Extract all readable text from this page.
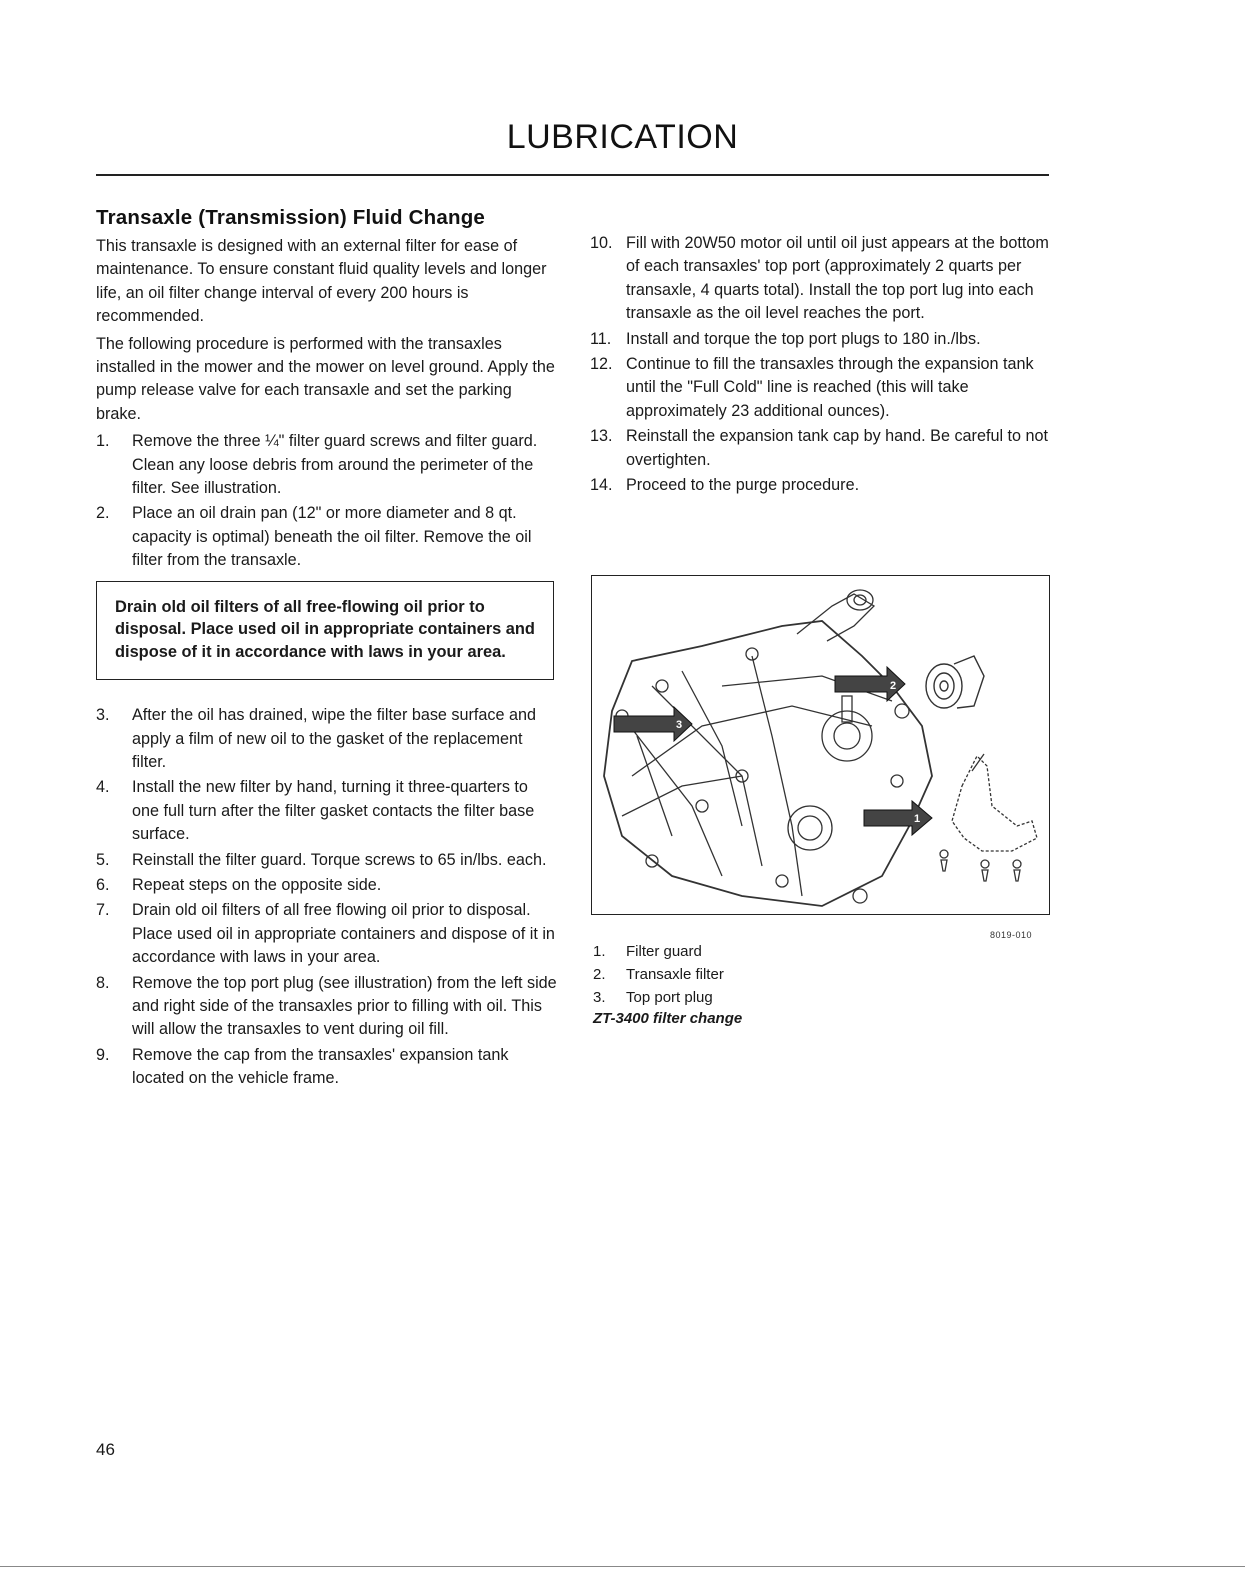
LUBRICATION
Transaxle (Transmission) Fluid Change

This transaxle is designed with an external filter for ease of maintenance. To ensure constant fluid quality levels and longer life, an oil filter change interval of every 200 hours is recommended.

The following procedure is performed with the transaxles installed in the mower and the mower on level ground. Apply the pump release valve for each transaxle and set the parking brake.

1.	Remove the three ¼" filter guard screws and filter guard. Clean any loose debris from around the perimeter of the filter. See illustration.
2.	Place an oil drain pan (12" or more diameter and 8 qt. capacity is optimal) beneath the oil filter. Remove the oil filter from the transaxle.
Drain old oil filters of all free-flowing oil prior to disposal. Place used oil in appropriate containers and dispose of it in accordance with laws in your area.
3.	After the oil has drained, wipe the filter base surface and apply a film of new oil to the gasket of the replacement filter.
4.	Install the new filter by hand, turning it three-quarters to one full turn after the filter gasket contacts the filter base surface.
5.	Reinstall the filter guard. Torque screws to 65 in/lbs. each.
6.	Repeat steps on the opposite side.
7.	Drain old oil filters of all free flowing oil prior to disposal. Place used oil in appropriate containers and dispose of it in accordance with laws in your area.
8.	Remove the top port plug (see illustration) from the left side and right side of the transaxles prior to filling with oil. This will allow the transaxles to vent during oil fill.
9.	Remove the cap from the transaxles' expansion tank located on the vehicle frame.
10. Fill with 20W50 motor oil until oil just appears at the bottom of each transaxles' top port (approximately 2 quarts per transaxle, 4 quarts total). Install the top port lug into each transaxle as the oil level reaches the port.
11. Install and torque the top port plugs to 180 in./lbs.
12. Continue to fill the transaxles through the expansion tank until the "Full Cold" line is reached (this will take approximately 23 additional ounces).
13. Reinstall the expansion tank cap by hand. Be careful to not overtighten.
14. Proceed to the purge procedure.
2
3
1
8019-010
1. Filter guard
2. Transaxle filter
3. Top port plug
ZT-3400 filter change
46
